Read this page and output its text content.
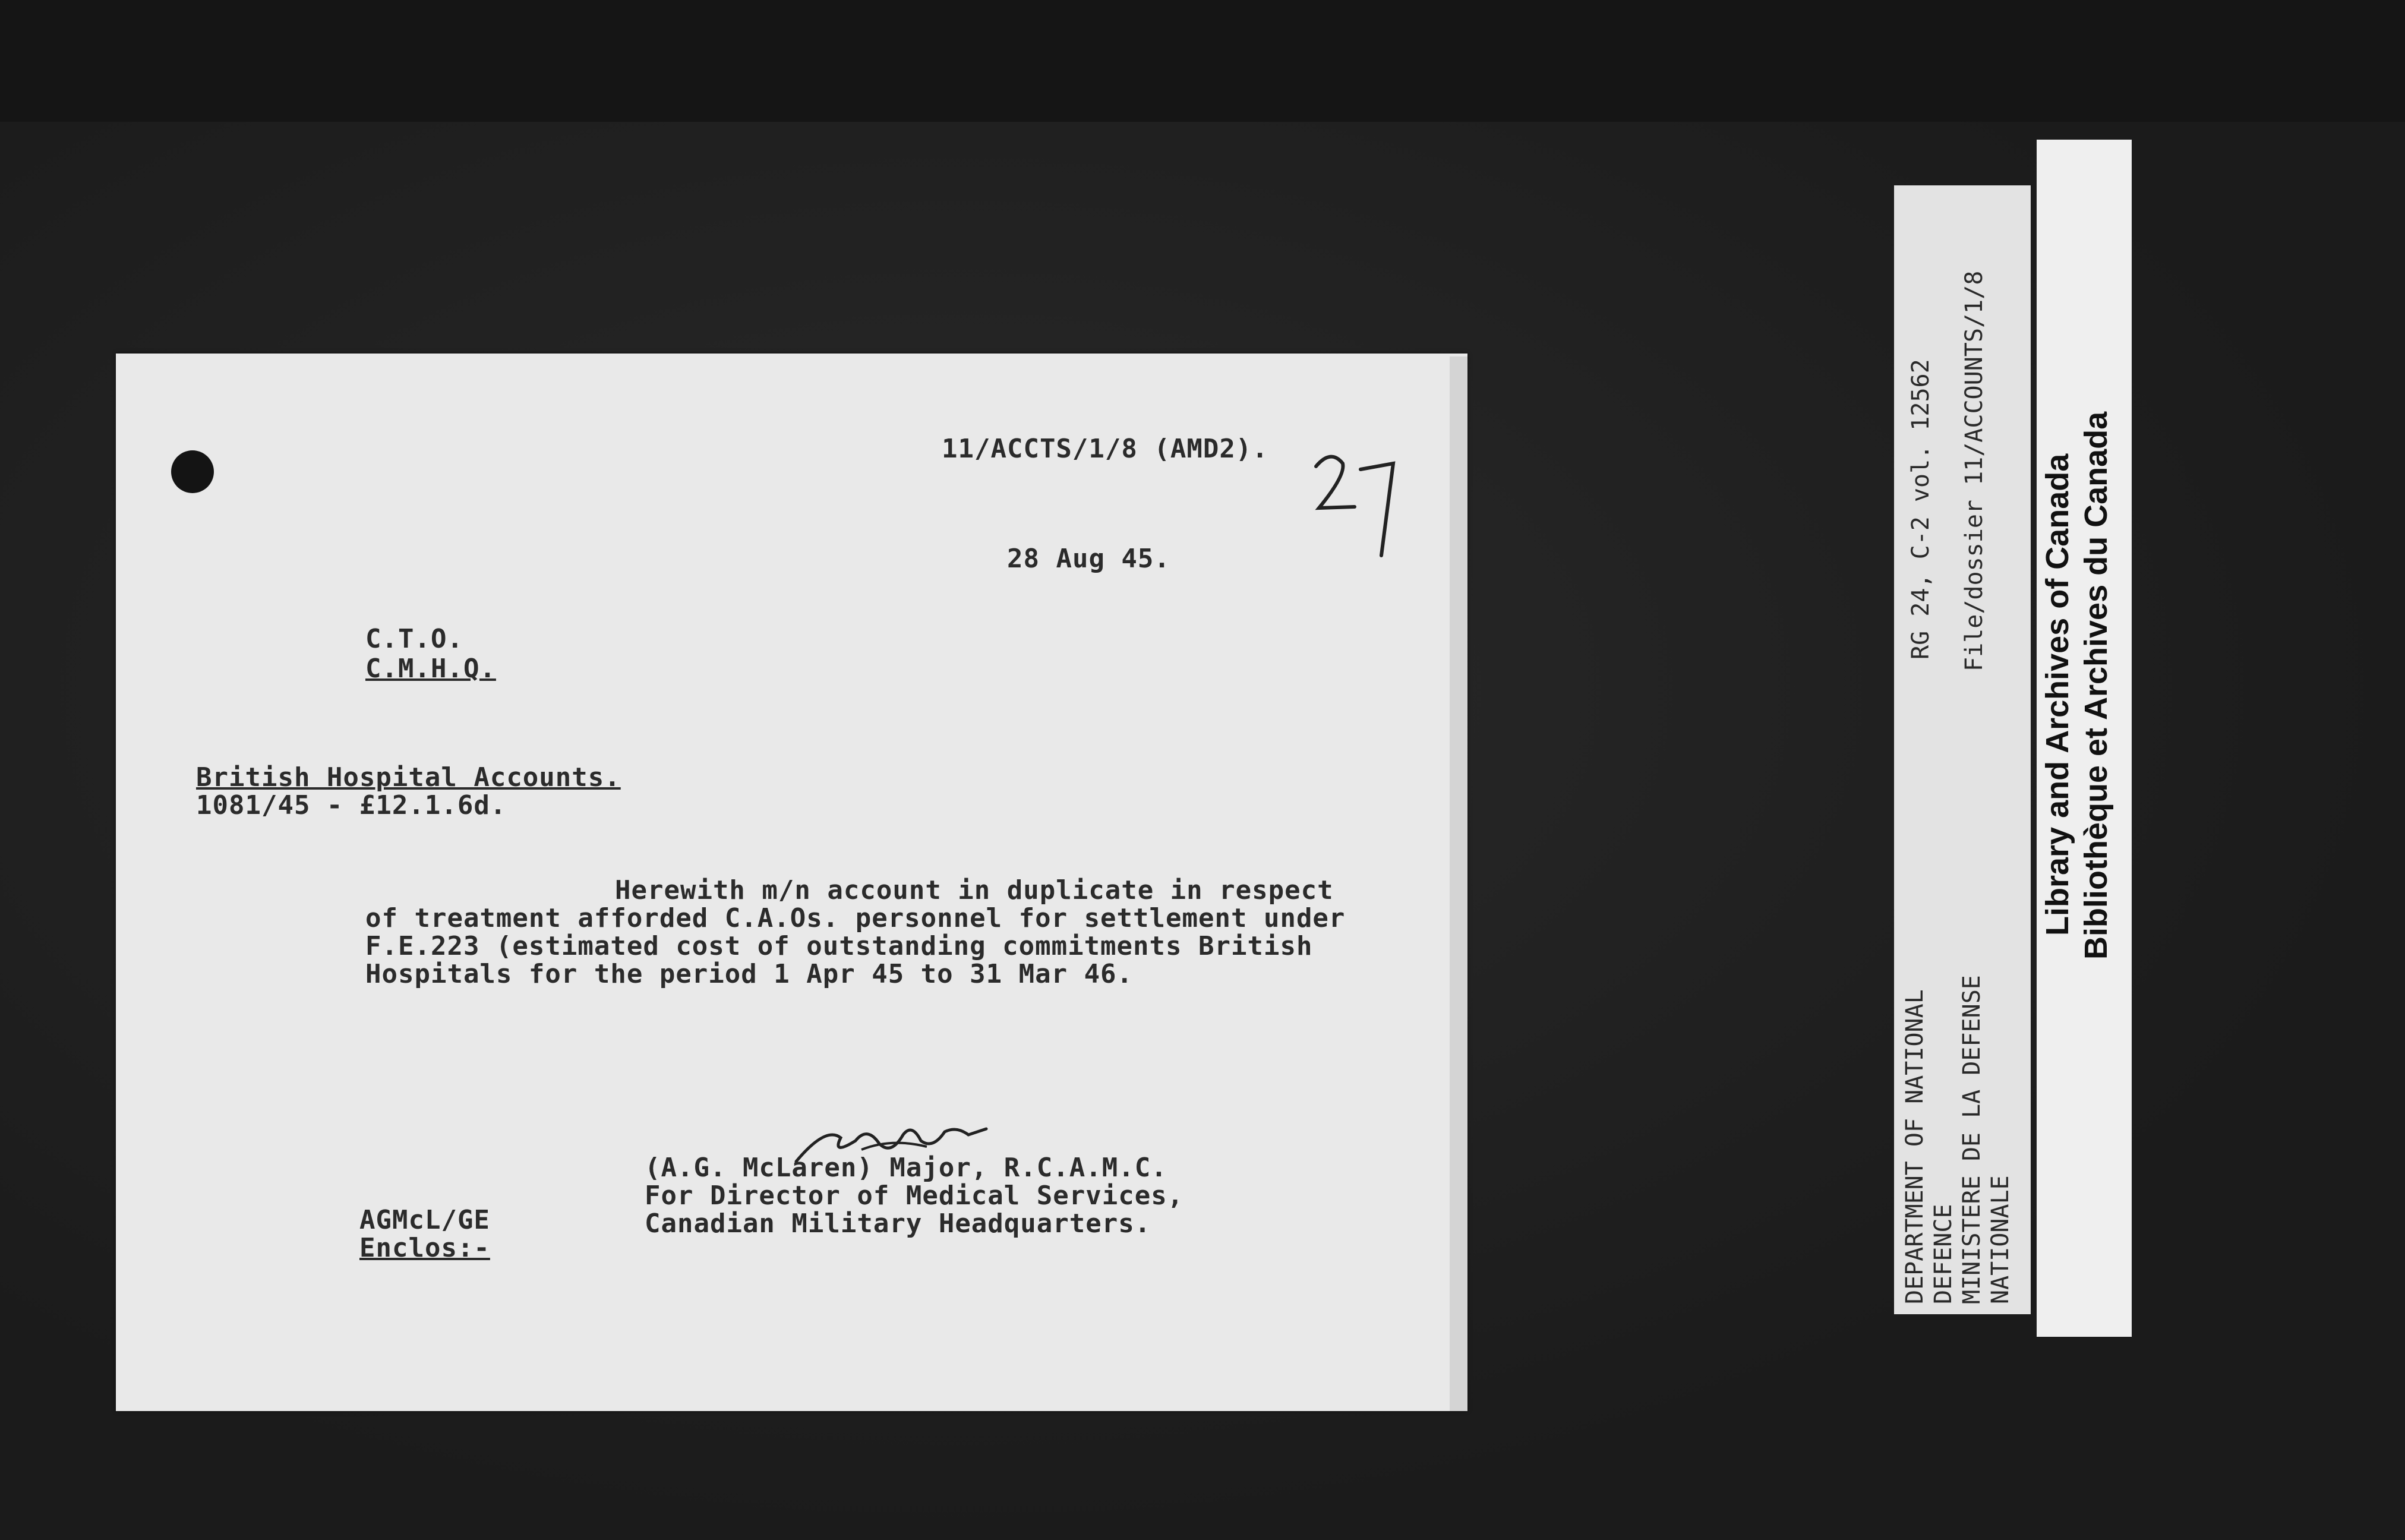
11/ACCTS/1/8 (AMD2).
28 Aug 45.
C.T.O.
C.M.H.Q.
British Hospital Accounts.
1081/45 - £12.1.6d.
Herewith m/n account in duplicate in respect
of treatment afforded C.A.Os. personnel for settlement under
F.E.223 (estimated cost of outstanding commitments British
Hospitals for the period 1 Apr 45 to 31 Mar 46.
(A.G. McLaren) Major, R.C.A.M.C.
For Director of Medical Services,
Canadian Military Headquarters.
AGMcL/GE
Enclos:-	DEPARTMENT OF NATIONAL DEFENCE MINISTERE DE LA DEFENSE NATIONALE
RG 24, C-2 vol. 12562 File/dossier 11/ACCOUNTS/1/8 Library and Archives of Canada Bibliothèque et Archives du Canada
